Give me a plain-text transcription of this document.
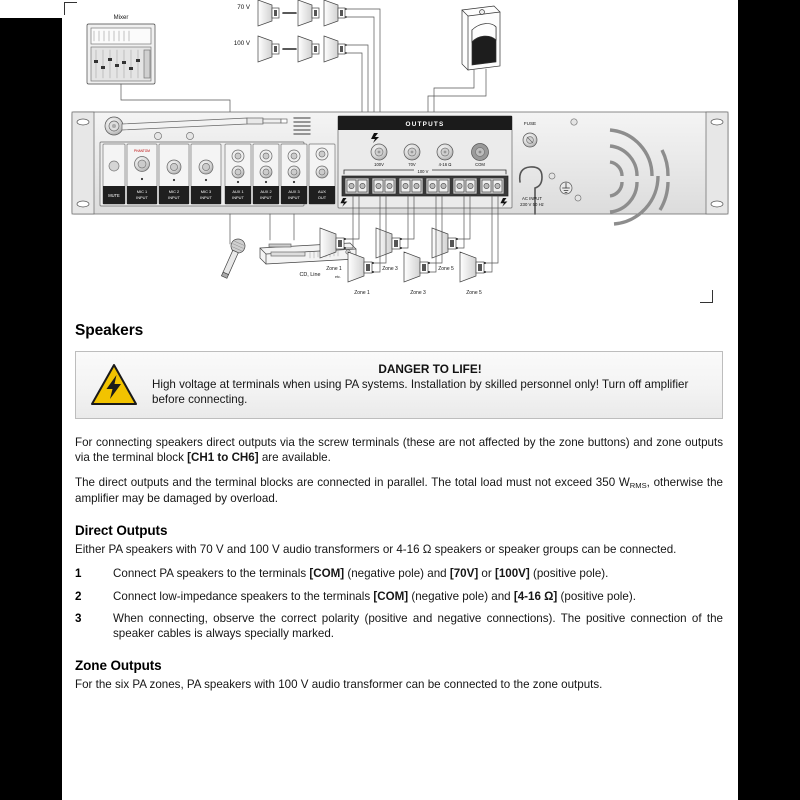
70 V
100 V
Mixer
MUTE
PHANTOM
MIC 1
INPUT
MIC 2
INPUT
MIC 3
INPUT
AUX 1
INPUT
AUX 2
INPUT
AUX 3
INPUT
AUX
OUT
OUTPUTS
100V	70V	4-16 Ω	COM
100 V
FUSE
AC INPUT
230 V 50 Hz
CD, Line	etc.
Zone 1	Zone 3	Zone 5
Zone 1	Zone 3	Zone 5
Speakers

DANGER TO LIFE!

High voltage at terminals when using PA systems. Installation by skilled personnel only! Turn off amplifier before connecting.

For connecting speakers direct outputs via the screw terminals (these are not affected by the zone buttons) and zone outputs via the terminal block [CH1 to CH6] are available.

The direct outputs and the terminal blocks are connected in parallel. The total load must not exceed 350 $W_{RMS}$, otherwise the amplifier may be damaged by overload.

Direct Outputs

Either PA speakers with 70 V and 100 V audio transformers or 4-16 Ω speakers or speaker groups can be connected.

1	Connect PA speakers to the terminals [COM] (negative pole) and [70V] or [100V] (positive pole).
2	Connect low-impedance speakers to the terminals [COM] (negative pole) and [4-16 Ω] (positive pole).
3	When connecting, observe the correct polarity (positive and negative connections). The positive connection of the speaker cables is always specially marked.
Zone Outputs

For the six PA zones, PA speakers with 100 V audio transformer can be connected to the zone outputs.
